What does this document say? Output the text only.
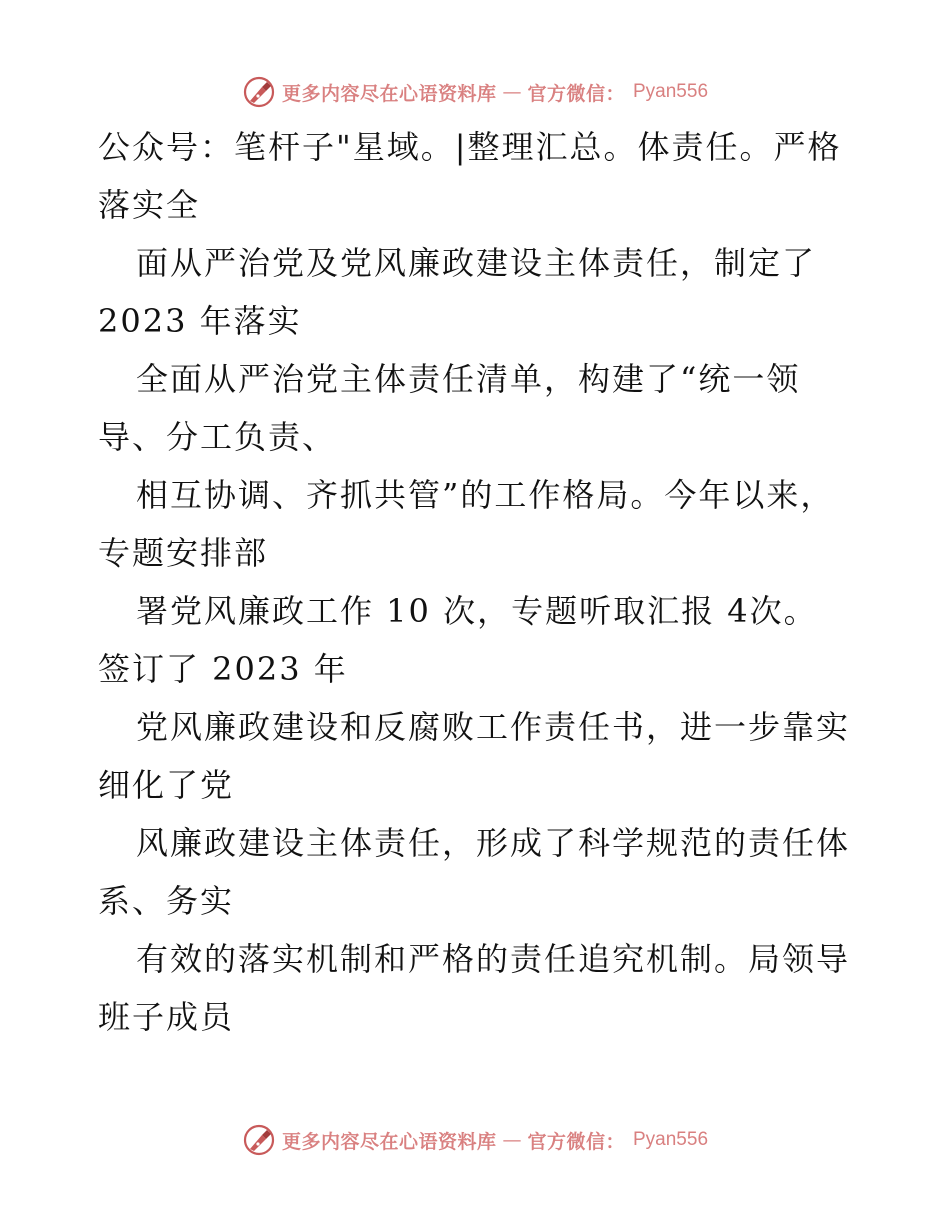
更多内容尽在心语资料库 — 官方微信： Pyan556
公众号：笔杆子"星域。|整理汇总。体责任。严格
落实全
面从严治党及党风廉政建设主体责任，制定了
2023 年落实
全面从严治党主体责任清单，构建了“统一领
导、分工负责、
相互协调、齐抓共管”的工作格局。今年以来，
专题安排部
署党风廉政工作 10 次，专题听取汇报 4次。
签订了 2023 年
党风廉政建设和反腐败工作责任书，进一步靠实
细化了党
风廉政建设主体责任，形成了科学规范的责任体
系、务实
有效的落实机制和严格的责任追究机制。局领导
班子成员
更多内容尽在心语资料库 — 官方微信： Pyan556
